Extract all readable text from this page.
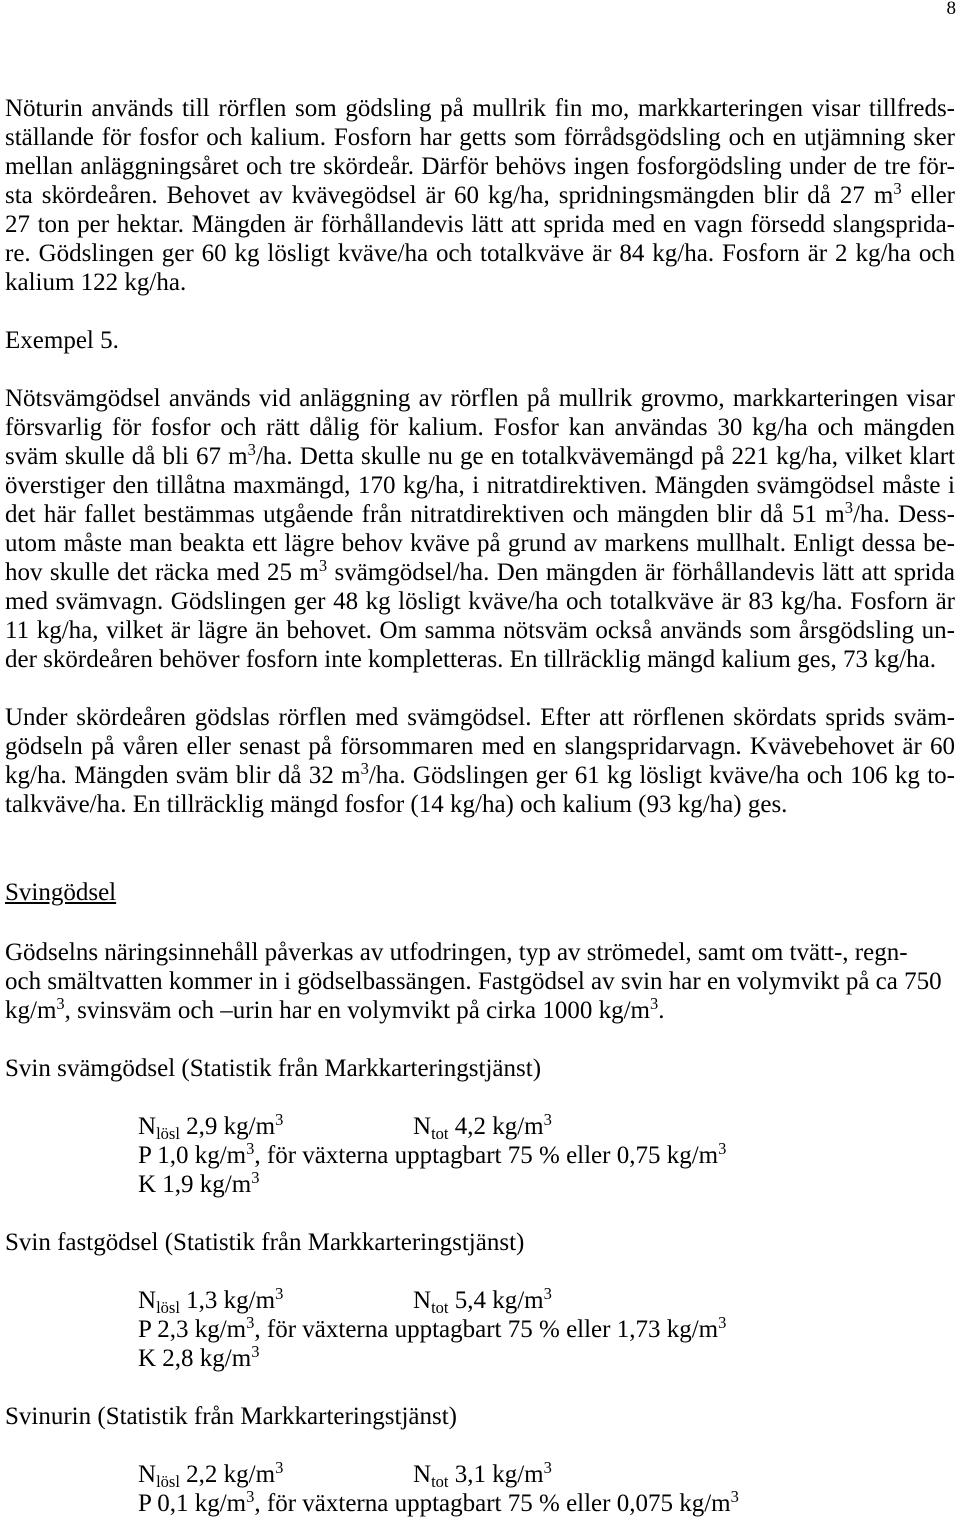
8
Nöturin används till rörflen som gödsling på mullrik fin mo, markkarteringen visar tillfreds-
ställande för fosfor och kalium. Fosforn har getts som förrådsgödsling och en utjämning sker
mellan anläggningsåret och tre skördeår. Därför behövs ingen fosforgödsling under de tre för-
sta skördeåren. Behovet av kvävegödsel är 60 kg/ha, spridningsmängden blir då 27 $m^3$ eller
27 ton per hektar. Mängden är förhållandevis lätt att sprida med en vagn försedd slangsprida-
re. Gödslingen ger 60 kg lösligt kväve/ha och totalkväve är 84 kg/ha. Fosforn är 2 kg/ha och
kalium 122 kg/ha.
Exempel 5.
Nötsvämgödsel används vid anläggning av rörflen på mullrik grovmo, markkarteringen visar
försvarlig för fosfor och rätt dålig för kalium. Fosfor kan användas 30 kg/ha och mängden
sväm skulle då bli 67 $m^3/ha$. Detta skulle nu ge en totalkvävemängd på 221 kg/ha, vilket klart
överstiger den tillåtna maxmängd, 170 kg/ha, i nitratdirektiven. Mängden svämgödsel måste i
det här fallet bestämmas utgående från nitratdirektiven och mängden blir då 51 $m^3/ha$. Dess-
utom måste man beakta ett lägre behov kväve på grund av markens mullhalt. Enligt dessa be-
hov skulle det räcka med 25 $m^3$ svämgödsel/ha. Den mängden är förhållandevis lätt att sprida
med svämvagn. Gödslingen ger 48 kg lösligt kväve/ha och totalkväve är 83 kg/ha. Fosforn är
11 kg/ha, vilket är lägre än behovet. Om samma nötsväm också används som årsgödsling un-
der skördeåren behöver fosforn inte kompletteras. En tillräcklig mängd kalium ges, 73 kg/ha.
Under skördeåren gödslas rörflen med svämgödsel. Efter att rörflenen skördats sprids sväm-
gödseln på våren eller senast på försommaren med en slangspridarvagn. Kvävebehovet är 60
kg/ha. Mängden sväm blir då 32 $m^3/ha$. Gödslingen ger 61 kg lösligt kväve/ha och 106 kg to-
talkväve/ha. En tillräcklig mängd fosfor (14 kg/ha) och kalium (93 kg/ha) ges.
Svingödsel
Gödselns näringsinnehåll påverkas av utfodringen, typ av strömedel, samt om tvätt-, regn-
och smältvatten kommer in i gödselbassängen. Fastgödsel av svin har en volymvikt på ca 750
$kg/m^3$, svinsväm och –urin har en volymvikt på cirka 1000 $kg/m^3$.
Svin svämgödsel (Statistik från Markkarteringstjänst)
$N_{lösl}$ 2,9 $kg/m^3$	$N_{tot}$ 4,2 $kg/m^3$
P 1,0 $kg/m^3$, för växterna upptagbart 75 % eller 0,75 $kg/m^3$
K 1,9 $kg/m^3$
Svin fastgödsel (Statistik från Markkarteringstjänst)
$N_{lösl}$ 1,3 $kg/m^3$	$N_{tot}$ 5,4 $kg/m^3$
P 2,3 $kg/m^3$, för växterna upptagbart 75 % eller 1,73 $kg/m^3$
K 2,8 $kg/m^3$
Svinurin (Statistik från Markkarteringstjänst)
$N_{lösl}$ 2,2 $kg/m^3$	$N_{tot}$ 3,1 $kg/m^3$
P 0,1 $kg/m^3$, för växterna upptagbart 75 % eller 0,075 $kg/m^3$
